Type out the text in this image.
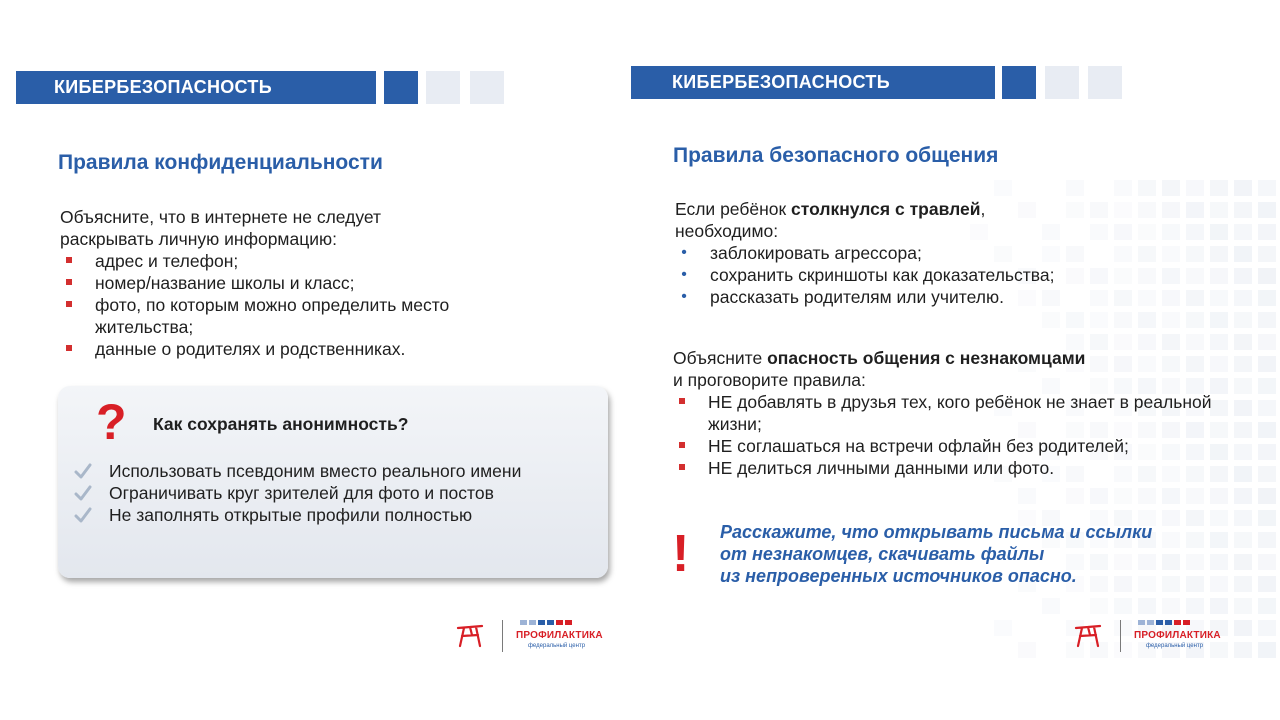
КИБЕРБЕЗОПАСНОСТЬ
Правила конфиденциальности

Объясните, что в интернете не следует

раскрывать личную информацию:

адрес и телефон;
номер/название школы и класс;
фото, по которым можно определить место жительства;
данные о родителях и родственниках.
? Как сохранять анонимность?
Использовать псевдоним вместо реального имени
Ограничивать круг зрителей для фото и постов
Не заполнять открытые профили полностью
ПРОФИЛАКТИКА
федеральный центр
КИБЕРБЕЗОПАСНОСТЬ
Правила безопасного общения

Если ребёнок столкнулся с травлей,

необходимо:

• заблокировать агрессора;
• сохранить скриншоты как доказательства;
• рассказать родителям или учителю.

Объясните опасность общения с незнакомцами

и проговорите правила:

НЕ добавлять в друзья тех, кого ребёнок не знает в реальной жизни;
НЕ соглашаться на встречи офлайн без родителей;
НЕ делиться личными данными или фото.
! Расскажите, что открывать письма и ссылки
от незнакомцев, скачивать файлы
из непроверенных источников опасно.
ПРОФИЛАКТИКА
федеральный центр
